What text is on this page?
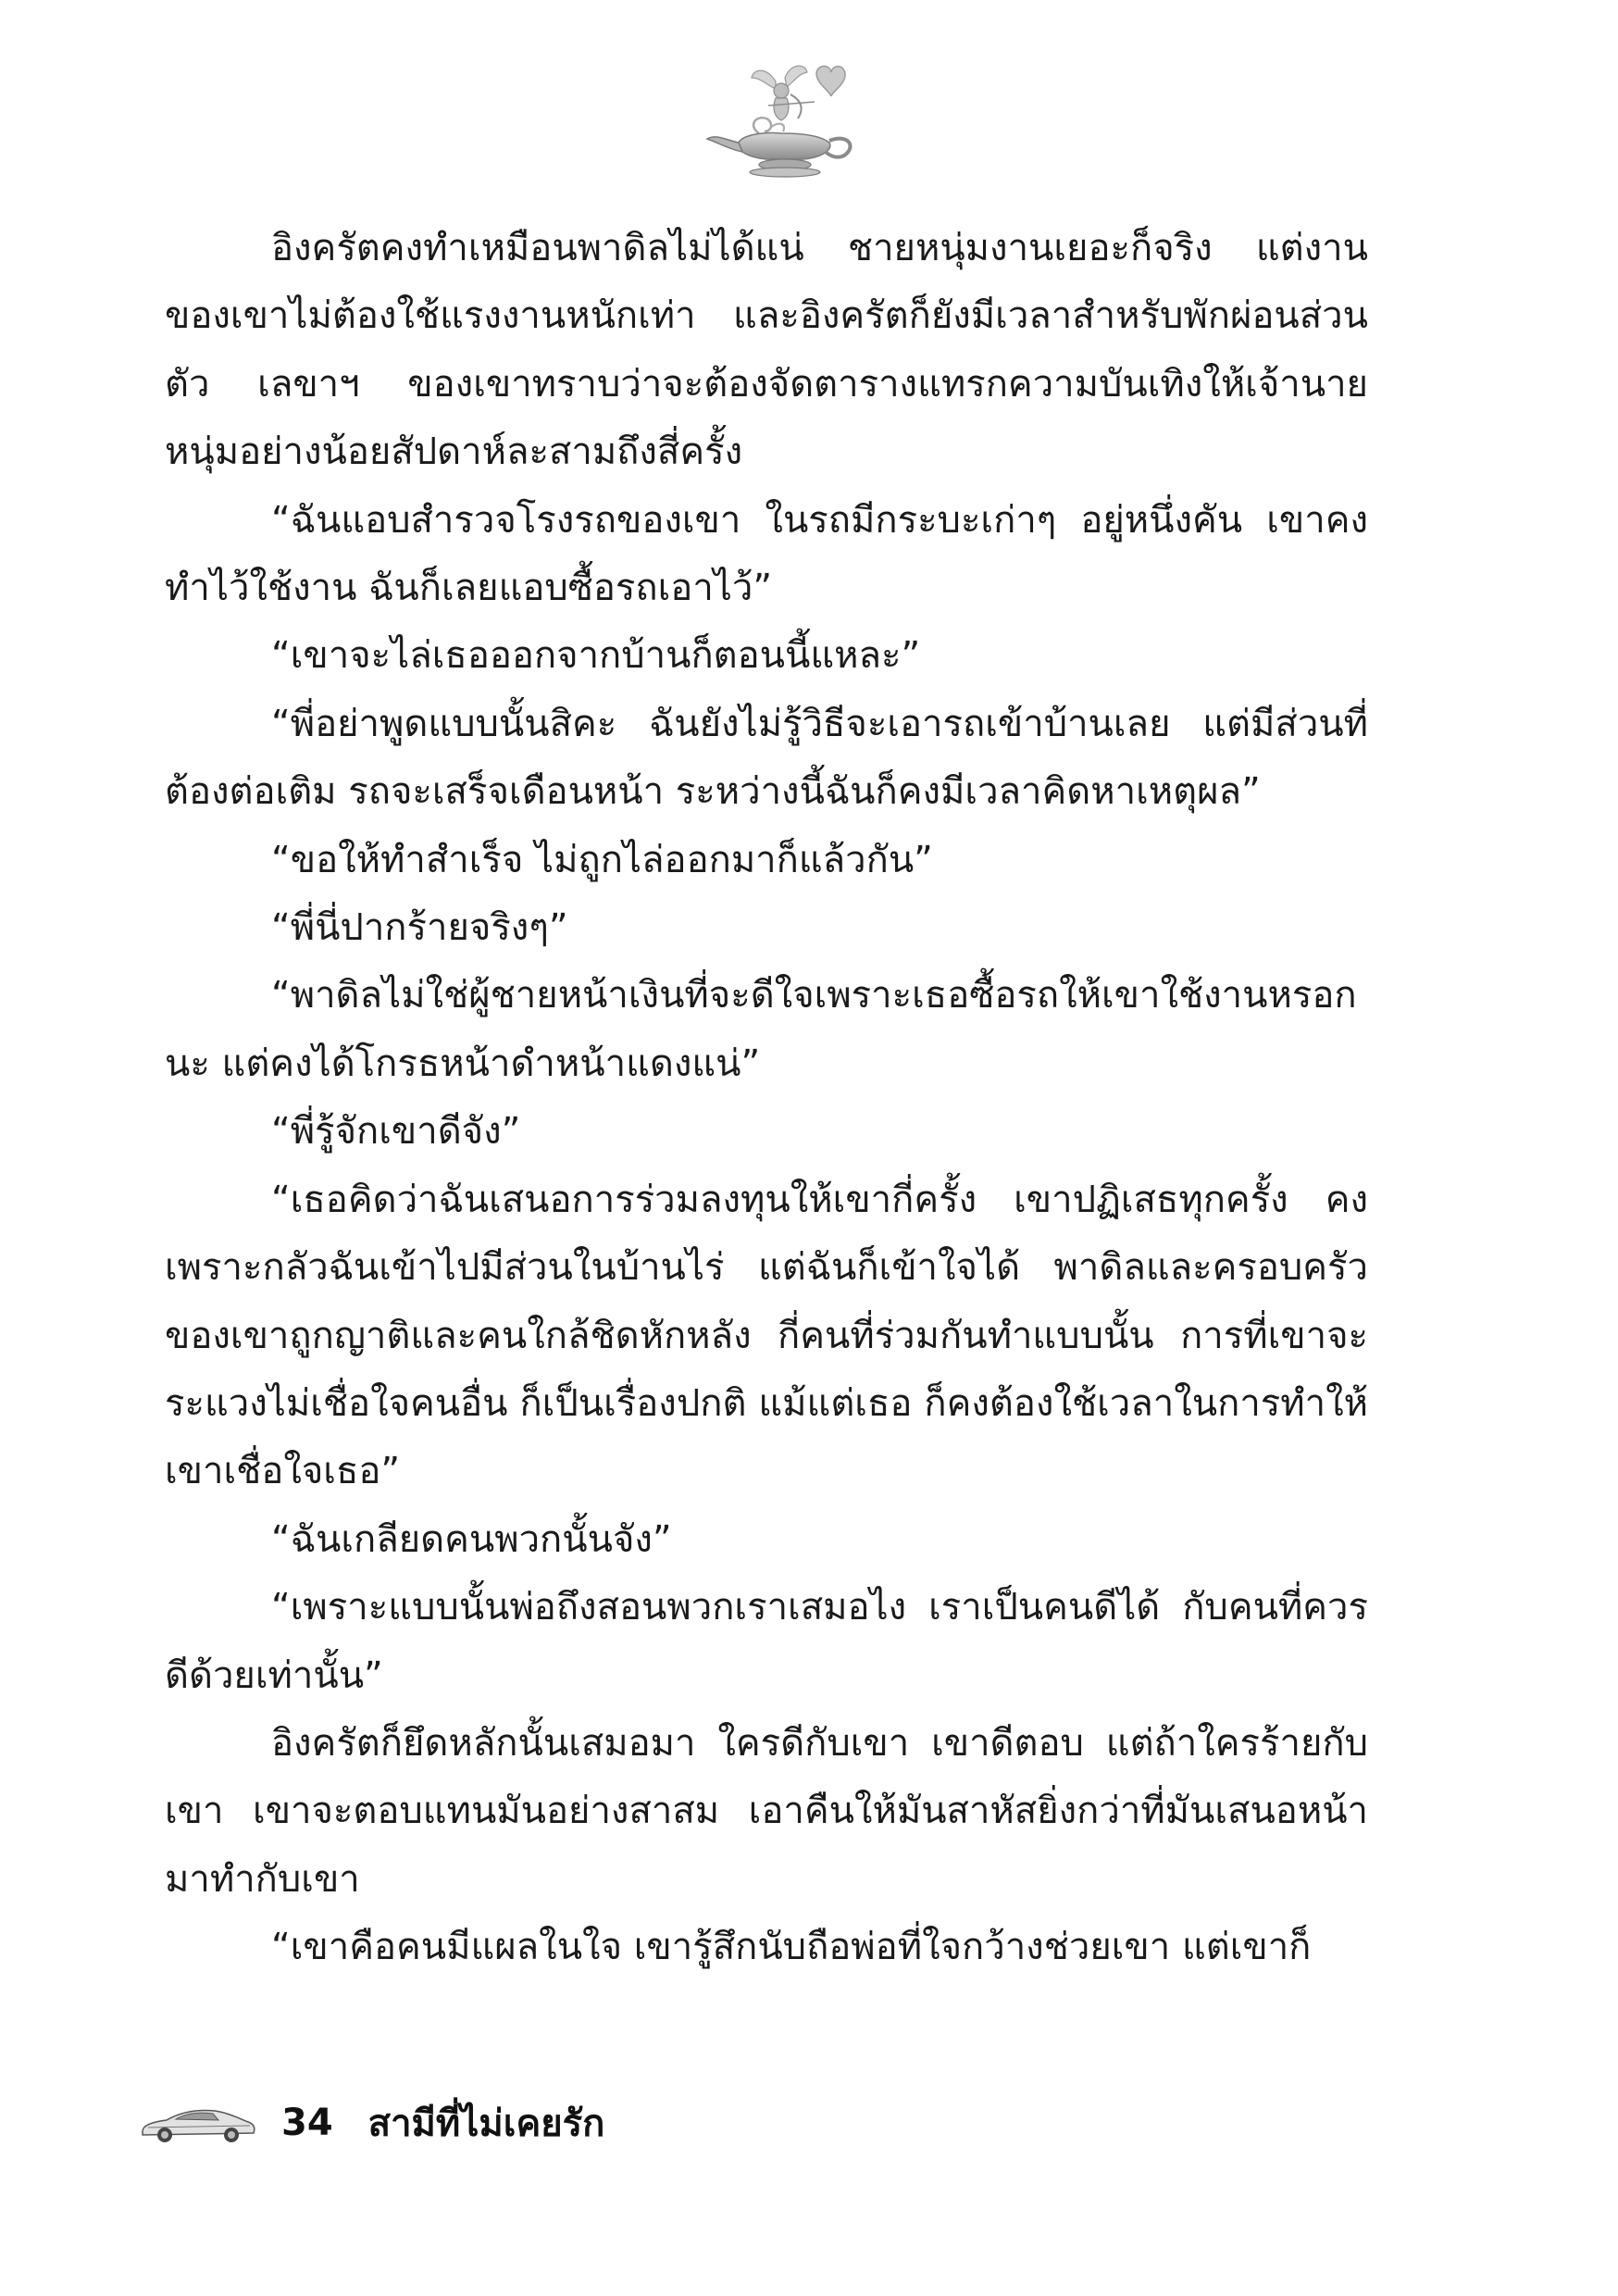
อิงครัตคงทำเหมือนพาดิลไม่ได้แน่ ชายหนุ่มงานเยอะก็จริง แต่งานของเขาไม่ต้องใช้แรงงานหนักเท่า และอิงครัตก็ยังมีเวลาสำหรับพักผ่อนส่วนตัว เลขาฯ ของเขาทราบว่าจะต้องจัดตารางแทรกความบันเทิงให้เจ้านายหนุ่มอย่างน้อยสัปดาห์ละสามถึงสี่ครั้ง

“ฉันแอบสำรวจโรงรถของเขา ในรถมีกระบะเก่าๆ อยู่หนึ่งคัน เขาคงทำไว้ใช้งาน ฉันก็เลยแอบซื้อรถเอาไว้”

“เขาจะไล่เธอออกจากบ้านก็ตอนนี้แหละ”

“พี่อย่าพูดแบบนั้นสิคะ ฉันยังไม่รู้วิธีจะเอารถเข้าบ้านเลย แต่มีส่วนที่ต้องต่อเติม รถจะเสร็จเดือนหน้า ระหว่างนี้ฉันก็คงมีเวลาคิดหาเหตุผล”

“ขอให้ทำสำเร็จ ไม่ถูกไล่ออกมาก็แล้วกัน”

“พี่นี่ปากร้ายจริงๆ”

“พาดิลไม่ใช่ผู้ชายหน้าเงินที่จะดีใจเพราะเธอซื้อรถให้เขาใช้งานหรอกนะ แต่คงได้โกรธหน้าดำหน้าแดงแน่”

“พี่รู้จักเขาดีจัง”

“เธอคิดว่าฉันเสนอการร่วมลงทุนให้เขากี่ครั้ง เขาปฏิเสธทุกครั้ง คงเพราะกลัวฉันเข้าไปมีส่วนในบ้านไร่ แต่ฉันก็เข้าใจได้ พาดิลและครอบครัวของเขาถูกญาติและคนใกล้ชิดหักหลัง กี่คนที่ร่วมกันทำแบบนั้น การที่เขาจะระแวงไม่เชื่อใจคนอื่น ก็เป็นเรื่องปกติ แม้แต่เธอ ก็คงต้องใช้เวลาในการทำให้เขาเชื่อใจเธอ”

“ฉันเกลียดคนพวกนั้นจัง”

“เพราะแบบนั้นพ่อถึงสอนพวกเราเสมอไง เราเป็นคนดีได้ กับคนที่ควรดีด้วยเท่านั้น”

อิงครัตก็ยึดหลักนั้นเสมอมา ใครดีกับเขา เขาดีตอบ แต่ถ้าใครร้ายกับเขา เขาจะตอบแทนมันอย่างสาสม เอาคืนให้มันสาหัสยิ่งกว่าที่มันเสนอหน้ามาทำกับเขา

“เขาคือคนมีแผลในใจ เขารู้สึกนับถือพ่อที่ใจกว้างช่วยเขา แต่เขาก็

34 สามีที่ไม่เคยรัก
